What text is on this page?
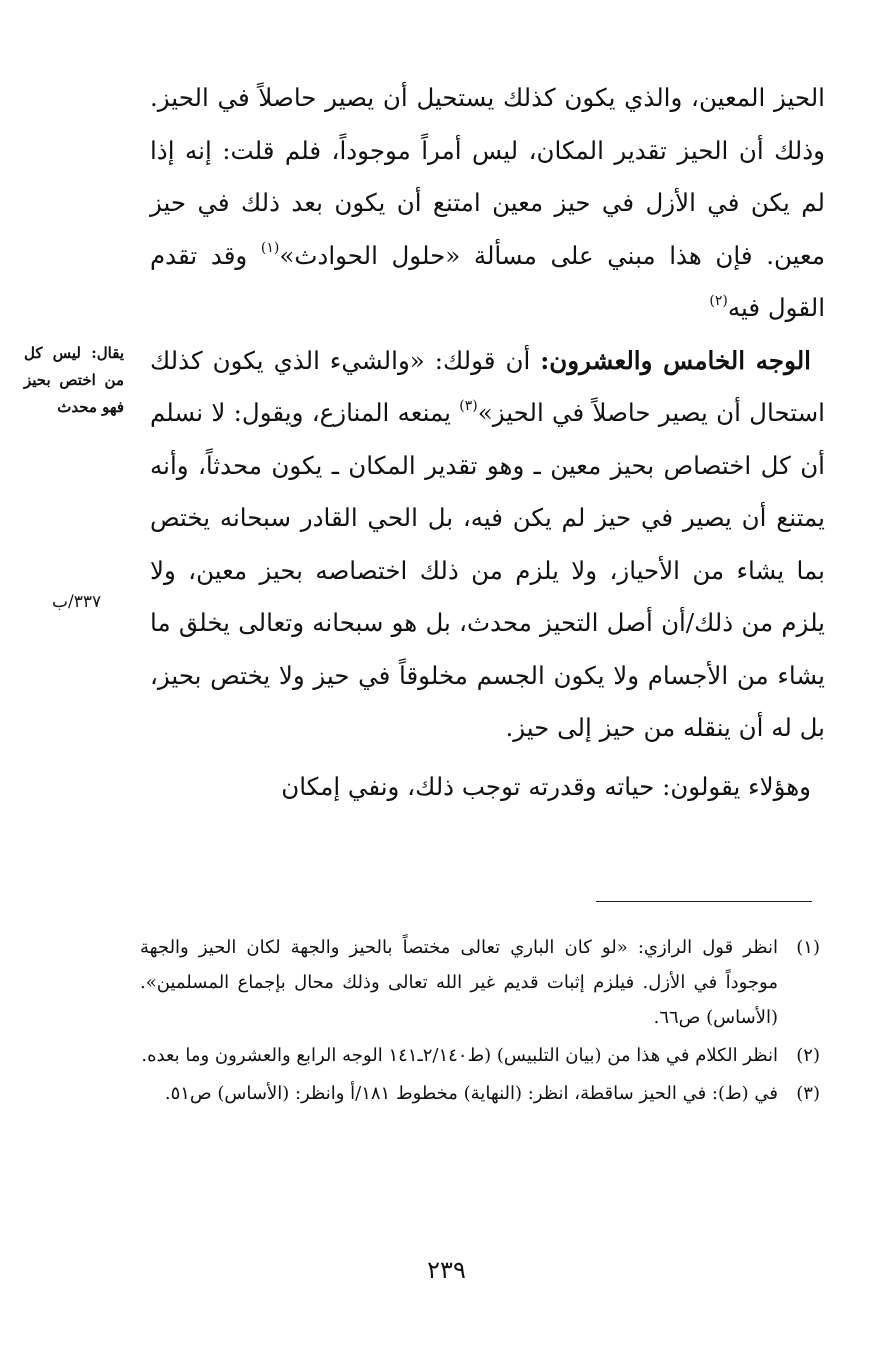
الحيز المعين، والذي يكون كذلك يستحيل أن يصير حاصلاً في الحيز. وذلك أن الحيز تقدير المكان، ليس أمراً موجوداً، فلم قلت: إنه إذا لم يكن في الأزل في حيز معين امتنع أن يكون بعد ذلك في حيز معين. فإن هذا مبني على مسألة «حلول الحوادث»$^{(١)}$ وقد تقدم القول فيه$^{(٢)}$

الوجه الخامس والعشرون: أن قولك: «والشيء الذي يكون كذلك استحال أن يصير حاصلاً في الحيز»$^{(٣)}$ يمنعه المنازع، ويقول: لا نسلم أن كل اختصاص بحيز معين ـ وهو تقدير المكان ـ يكون محدثاً، وأنه يمتنع أن يصير في حيز لم يكن فيه، بل الحي القادر سبحانه يختص بما يشاء من الأحياز، ولا يلزم من ذلك اختصاصه بحيز معين، ولا يلزم من ذلك/أن أصل التحيز محدث، بل هو سبحانه وتعالى يخلق ما يشاء من الأجسام ولا يكون الجسم مخلوقاً في حيز ولا يختص بحيز، بل له أن ينقله من حيز إلى حيز.

وهؤلاء يقولون: حياته وقدرته توجب ذلك، ونفي إمكان

يقال: ليس كل من اختص بحيز فهو محدث
٣٣٧/ب
(١)
انظر قول الرازي: «لو كان الباري تعالى مختصاً بالحيز والجهة لكان الحيز والجهة موجوداً في الأزل. فيلزم إثبات قديم غير الله تعالى وذلك محال بإجماع المسلمين». (الأساس) ص٦٦.
(٢)
انظر الكلام في هذا من (بيان التلبيس) (ط٢/١٤٠ـ١٤١ الوجه الرابع والعشرون وما بعده.
(٣)
في (ط): في الحيز ساقطة، انظر: (النهاية) مخطوط ١٨١/أ وانظر: (الأساس) ص٥١.
٢٣٩
